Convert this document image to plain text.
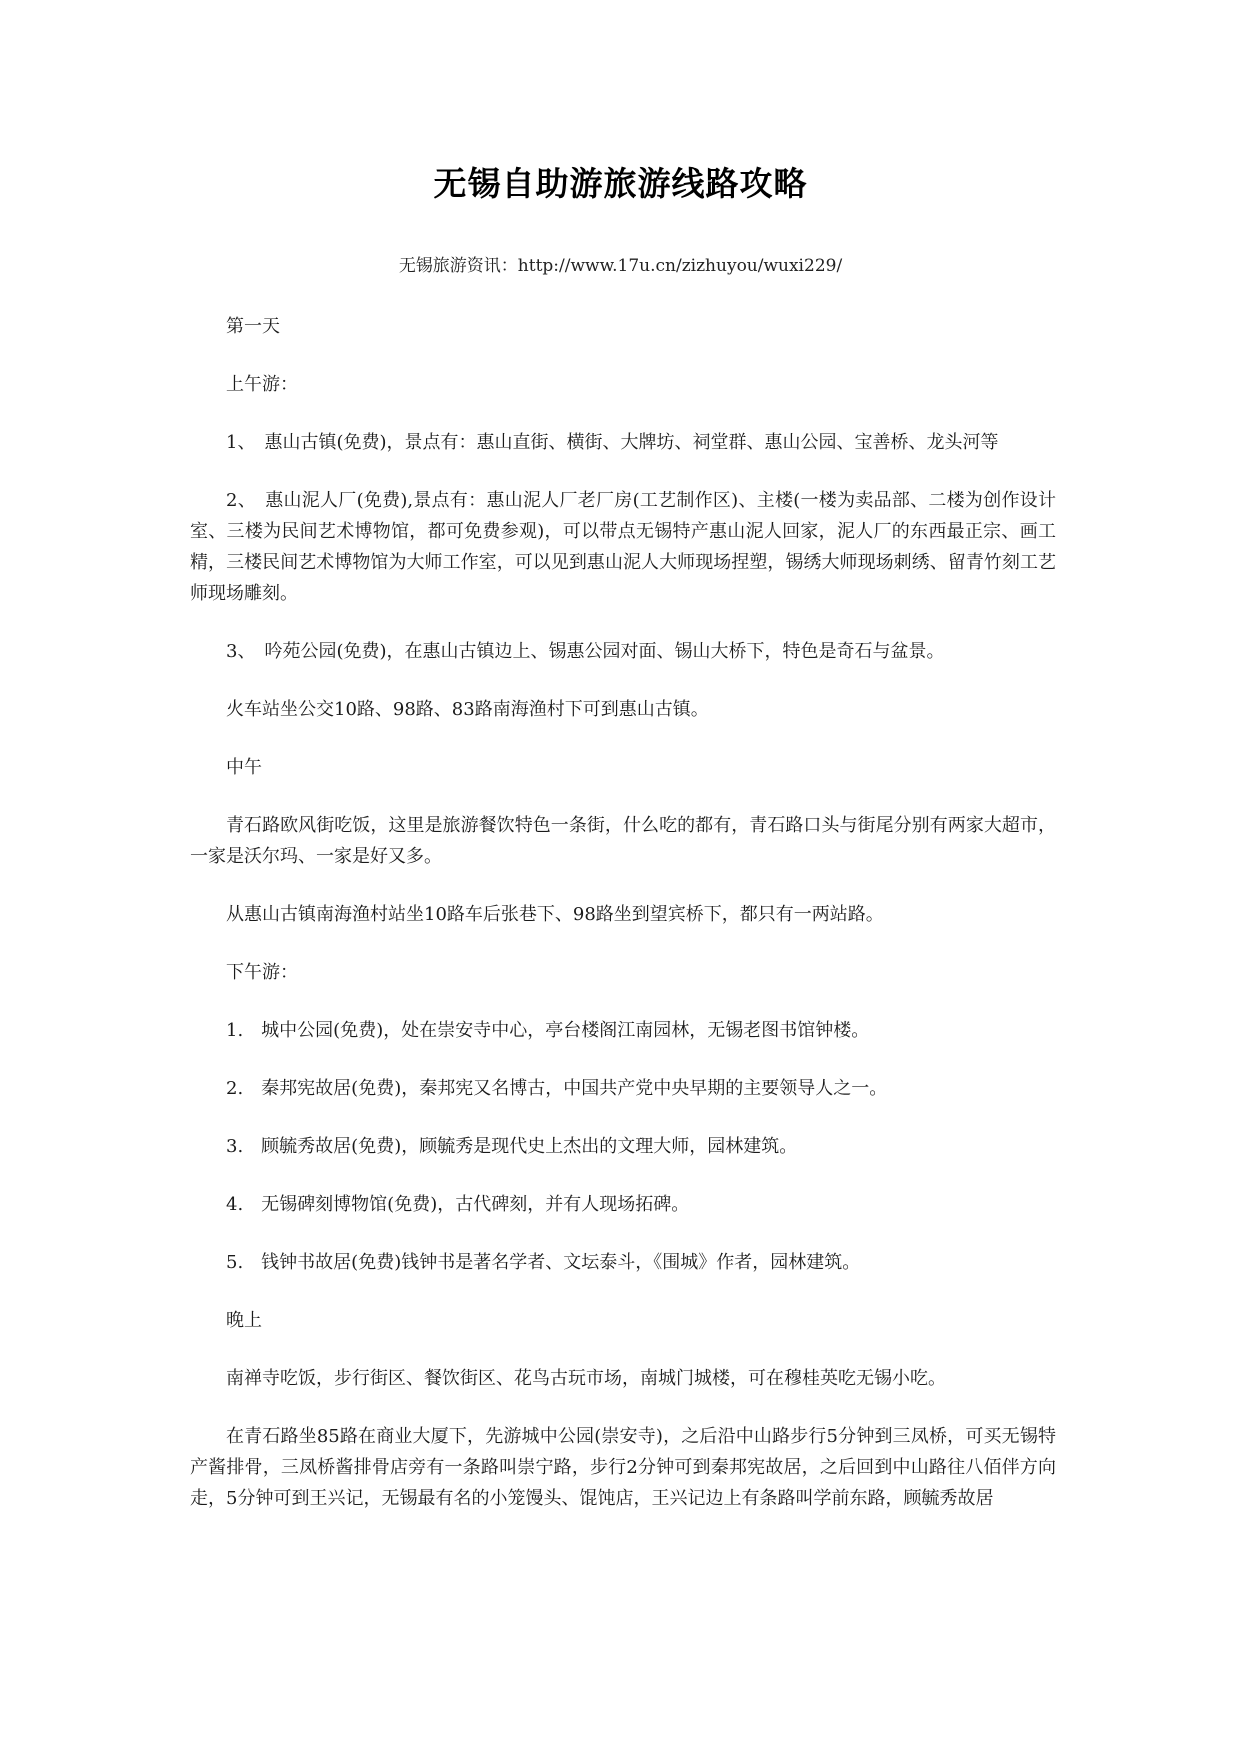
无锡自助游旅游线路攻略

无锡旅游资讯：http://www.17u.cn/zizhuyou/wuxi229/

第一天

上午游：

1、　惠山古镇(免费)，景点有：惠山直街、横街、大牌坊、祠堂群、惠山公园、宝善桥、龙头河等

2、　惠山泥人厂(免费),景点有：惠山泥人厂老厂房(工艺制作区)、主楼(一楼为卖品部、二楼为创作设计室、三楼为民间艺术博物馆，都可免费参观)，可以带点无锡特产惠山泥人回家，泥人厂的东西最正宗、画工精，三楼民间艺术博物馆为大师工作室，可以见到惠山泥人大师现场捏塑，锡绣大师现场刺绣、留青竹刻工艺师现场雕刻。

3、　吟苑公园(免费)，在惠山古镇边上、锡惠公园对面、锡山大桥下，特色是奇石与盆景。

火车站坐公交10路、98路、83路南海渔村下可到惠山古镇。

中午

青石路欧风街吃饭，这里是旅游餐饮特色一条街，什么吃的都有，青石路口头与街尾分别有两家大超市，一家是沃尔玛、一家是好又多。

从惠山古镇南海渔村站坐10路车后张巷下、98路坐到望宾桥下，都只有一两站路。

下午游：

1.　城中公园(免费)，处在崇安寺中心，亭台楼阁江南园林，无锡老图书馆钟楼。

2.　秦邦宪故居(免费)，秦邦宪又名博古，中国共产党中央早期的主要领导人之一。

3.　顾毓秀故居(免费)，顾毓秀是现代史上杰出的文理大师，园林建筑。

4.　无锡碑刻博物馆(免费)，古代碑刻，并有人现场拓碑。

5.　钱钟书故居(免费)钱钟书是著名学者、文坛泰斗，《围城》作者，园林建筑。

晚上

南禅寺吃饭，步行街区、餐饮街区、花鸟古玩市场，南城门城楼，可在穆桂英吃无锡小吃。

在青石路坐85路在商业大厦下，先游城中公园(崇安寺)，之后沿中山路步行5分钟到三凤桥，可买无锡特产酱排骨，三凤桥酱排骨店旁有一条路叫崇宁路，步行2分钟可到秦邦宪故居，之后回到中山路往八佰伴方向走，5分钟可到王兴记，无锡最有名的小笼馒头、馄饨店，王兴记边上有条路叫学前东路，顾毓秀故居
